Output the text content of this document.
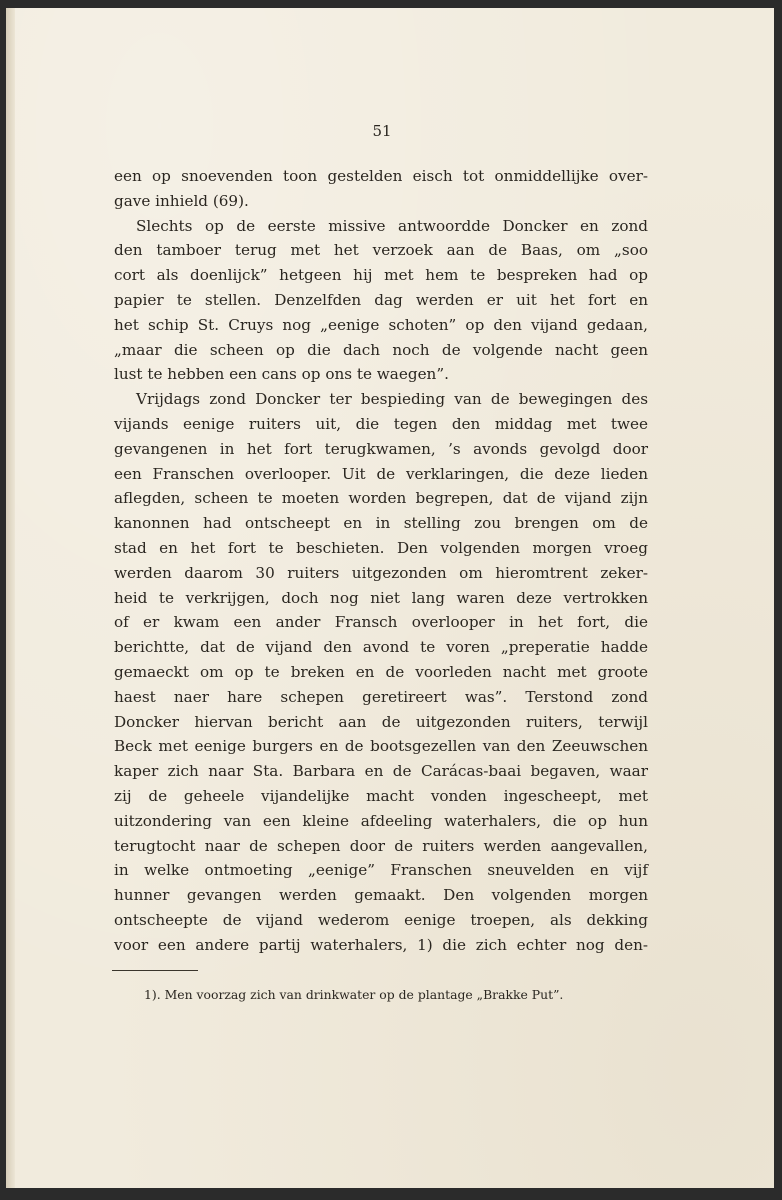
51
een op snoevenden toon gestelden eisch tot onmiddellijke over-
gave inhield (69).
Slechts op de eerste missive antwoordde Doncker en zond
den tamboer terug met het verzoek aan de Baas, om „soo
cort als doenlijck” hetgeen hij met hem te bespreken had op
papier te stellen. Denzelfden dag werden er uit het fort en
het schip St. Cruys nog „eenige schoten” op den vijand gedaan,
„maar die scheen op die dach noch de volgende nacht geen
lust te hebben een cans op ons te waegen”.
Vrijdags zond Doncker ter bespieding van de bewegingen des
vijands eenige ruiters uit, die tegen den middag met twee
gevangenen in het fort terugkwamen, ’s avonds gevolgd door
een Franschen overlooper. Uit de verklaringen, die deze lieden
aflegden, scheen te moeten worden begrepen, dat de vijand zijn
kanonnen had ontscheept en in stelling zou brengen om de
stad en het fort te beschieten. Den volgenden morgen vroeg
werden daarom 30 ruiters uitgezonden om hieromtrent zeker-
heid te verkrijgen, doch nog niet lang waren deze vertrokken
of er kwam een ander Fransch overlooper in het fort, die
berichtte, dat de vijand den avond te voren „preperatie hadde
gemaeckt om op te breken en de voorleden nacht met groote
haest naer hare schepen geretireert was”. Terstond zond
Doncker hiervan bericht aan de uitgezonden ruiters, terwijl
Beck met eenige burgers en de bootsgezellen van den Zeeuwschen
kaper zich naar Sta. Barbara en de Carácas-baai begaven, waar
zij de geheele vijandelijke macht vonden ingescheept, met
uitzondering van een kleine afdeeling waterhalers, die op hun
terugtocht naar de schepen door de ruiters werden aangevallen,
in welke ontmoeting „eenige” Franschen sneuvelden en vijf
hunner gevangen werden gemaakt. Den volgenden morgen
ontscheepte de vijand wederom eenige troepen, als dekking
voor een andere partij waterhalers, 1) die zich echter nog den-
1). Men voorzag zich van drinkwater op de plantage „Brakke Put”.
